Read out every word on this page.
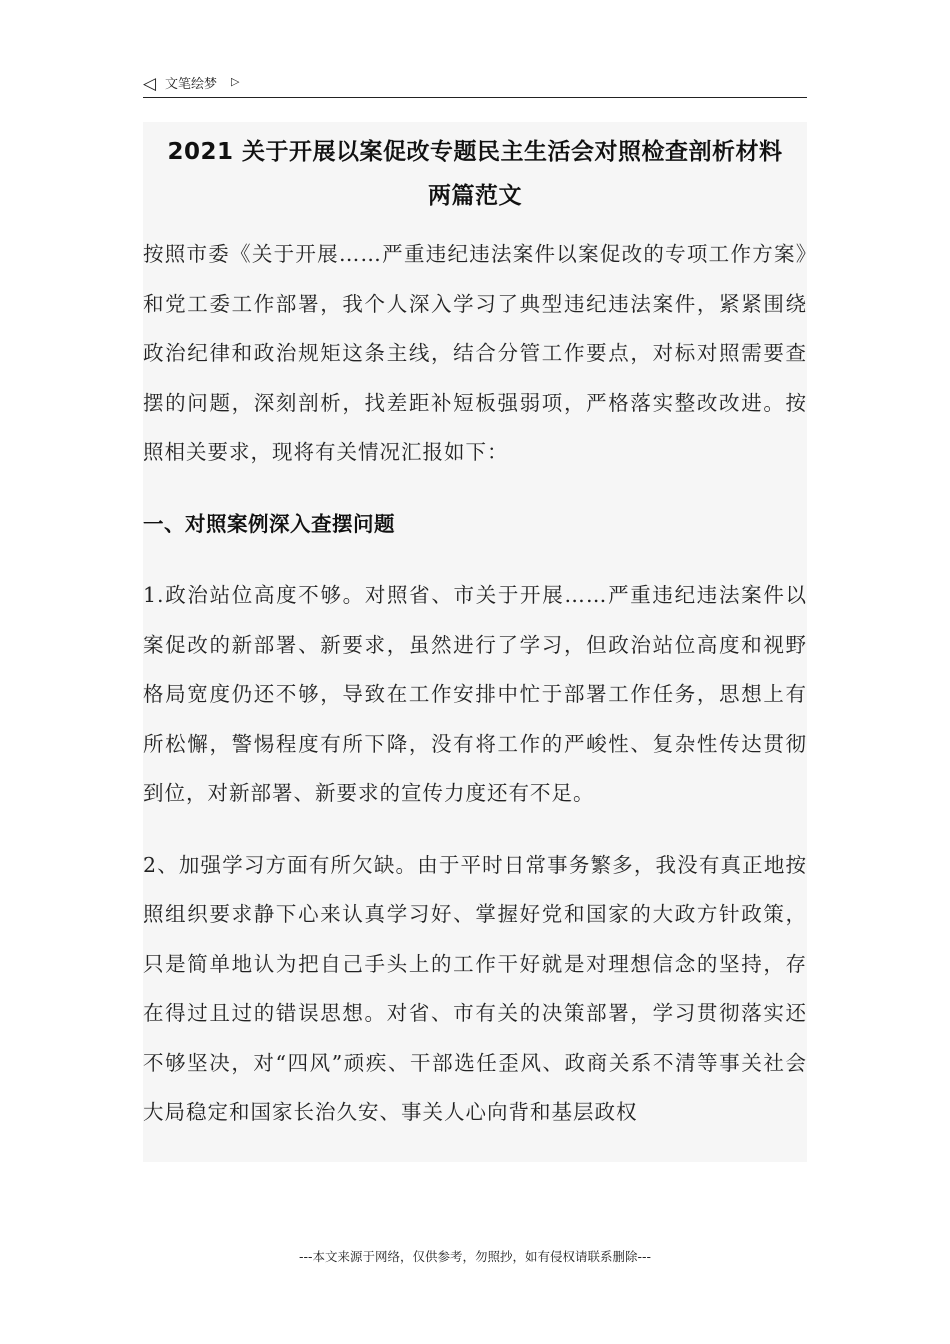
◁ 文笔绘梦 ▷
2021 关于开展以案促改专题民主生活会对照检查剖析材料
两篇范文

按照市委《关于开展……严重违纪违法案件以案促改的专项工作方案》和党工委工作部署，我个人深入学习了典型违纪违法案件，紧紧围绕政治纪律和政治规矩这条主线，结合分管工作要点，对标对照需要查摆的问题，深刻剖析，找差距补短板强弱项，严格落实整改改进。按照相关要求，现将有关情况汇报如下：

一、对照案例深入查摆问题

1.政治站位高度不够。对照省、市关于开展……严重违纪违法案件以案促改的新部署、新要求，虽然进行了学习，但政治站位高度和视野格局宽度仍还不够，导致在工作安排中忙于部署工作任务，思想上有所松懈，警惕程度有所下降，没有将工作的严峻性、复杂性传达贯彻到位，对新部署、新要求的宣传力度还有不足。

2、加强学习方面有所欠缺。由于平时日常事务繁多，我没有真正地按照组织要求静下心来认真学习好、掌握好党和国家的大政方针政策，只是简单地认为把自己手头上的工作干好就是对理想信念的坚持，存在得过且过的错误思想。对省、市有关的决策部署，学习贯彻落实还不够坚决，对“四风”顽疾、干部选任歪风、政商关系不清等事关社会大局稳定和国家长治久安、事关人心向背和基层政权

---本文来源于网络，仅供参考，勿照抄，如有侵权请联系删除---
